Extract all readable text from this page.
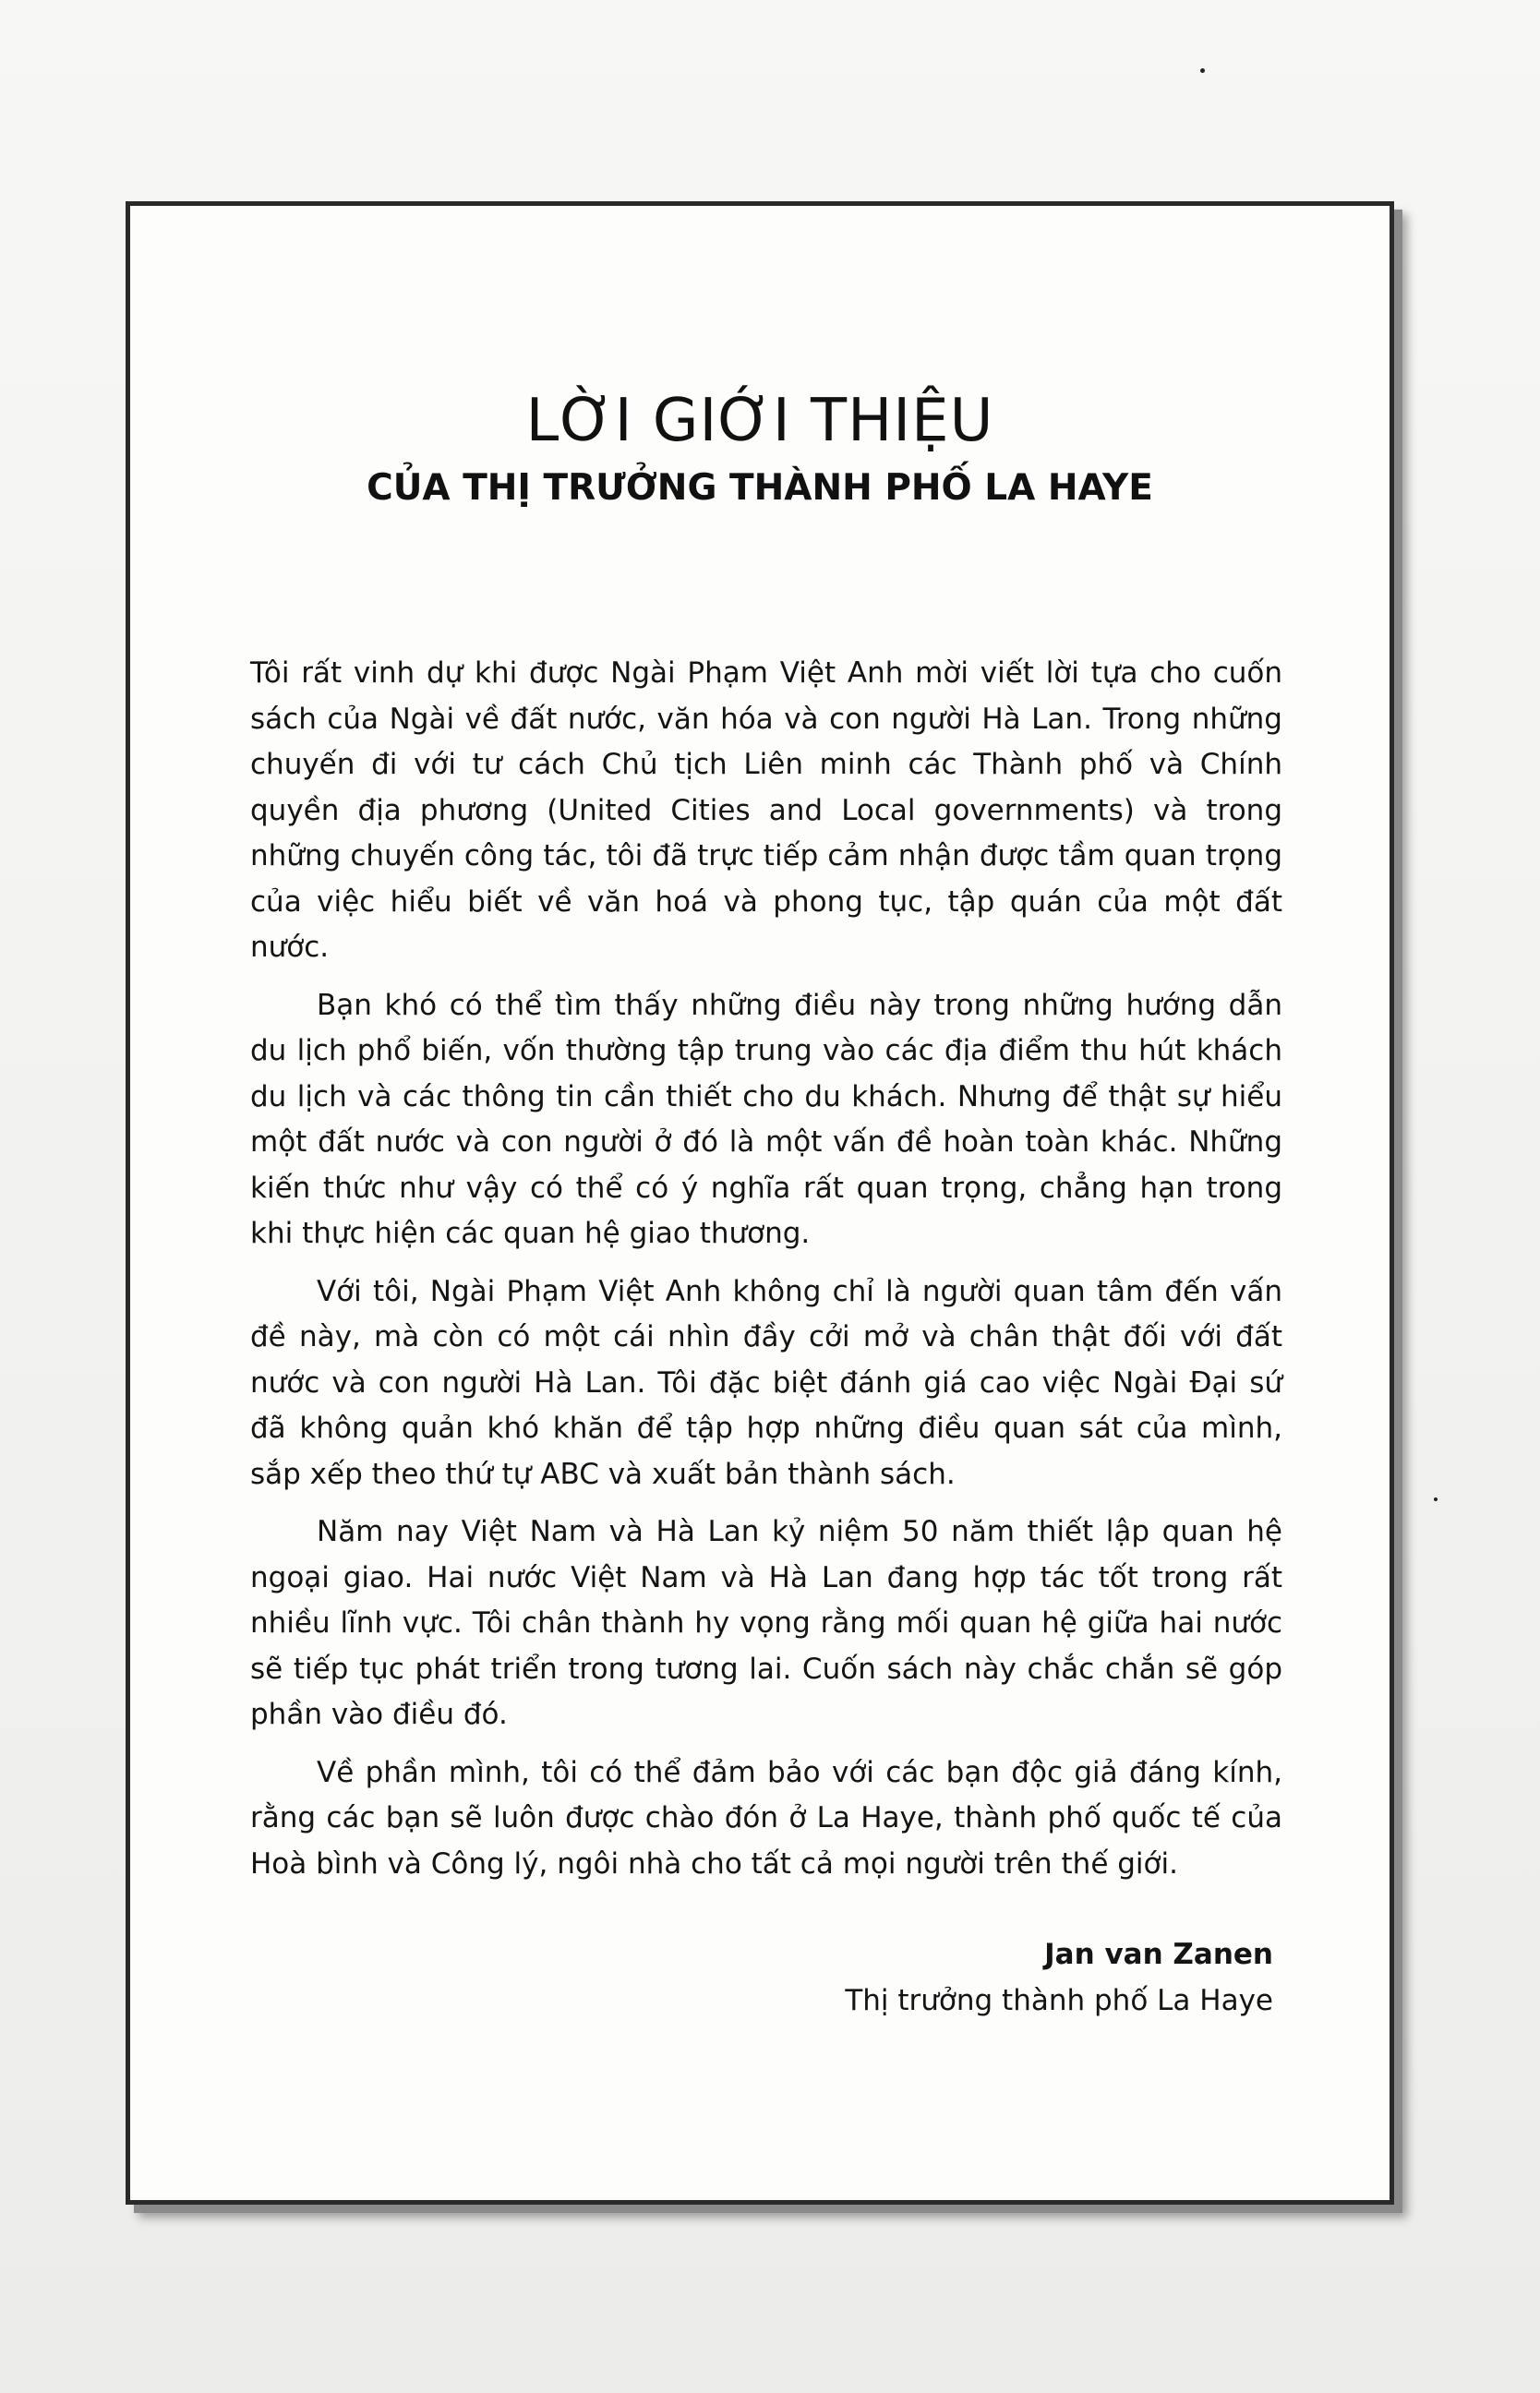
LỜI GIỚI THIỆU
CỦA THỊ TRƯỞNG THÀNH PHỐ LA HAYE

Tôi rất vinh dự khi được Ngài Phạm Việt Anh mời viết lời tựa cho cuốn sách của Ngài về đất nước, văn hóa và con người Hà Lan. Trong những chuyến đi với tư cách Chủ tịch Liên minh các Thành phố và Chính quyền địa phương (United Cities and Local governments) và trong những chuyến công tác, tôi đã trực tiếp cảm nhận được tầm quan trọng của việc hiểu biết về văn hoá và phong tục, tập quán của một đất nước.

Bạn khó có thể tìm thấy những điều này trong những hướng dẫn du lịch phổ biến, vốn thường tập trung vào các địa điểm thu hút khách du lịch và các thông tin cần thiết cho du khách. Nhưng để thật sự hiểu một đất nước và con người ở đó là một vấn đề hoàn toàn khác. Những kiến thức như vậy có thể có ý nghĩa rất quan trọng, chẳng hạn trong khi thực hiện các quan hệ giao thương.

Với tôi, Ngài Phạm Việt Anh không chỉ là người quan tâm đến vấn đề này, mà còn có một cái nhìn đầy cởi mở và chân thật đối với đất nước và con người Hà Lan. Tôi đặc biệt đánh giá cao việc Ngài Đại sứ đã không quản khó khăn để tập hợp những điều quan sát của mình, sắp xếp theo thứ tự ABC và xuất bản thành sách.

Năm nay Việt Nam và Hà Lan kỷ niệm 50 năm thiết lập quan hệ ngoại giao. Hai nước Việt Nam và Hà Lan đang hợp tác tốt trong rất nhiều lĩnh vực. Tôi chân thành hy vọng rằng mối quan hệ giữa hai nước sẽ tiếp tục phát triển trong tương lai. Cuốn sách này chắc chắn sẽ góp phần vào điều đó.

Về phần mình, tôi có thể đảm bảo với các bạn độc giả đáng kính, rằng các bạn sẽ luôn được chào đón ở La Haye, thành phố quốc tế của Hoà bình và Công lý, ngôi nhà cho tất cả mọi người trên thế giới.

Jan van Zanen
Thị trưởng thành phố La Haye
